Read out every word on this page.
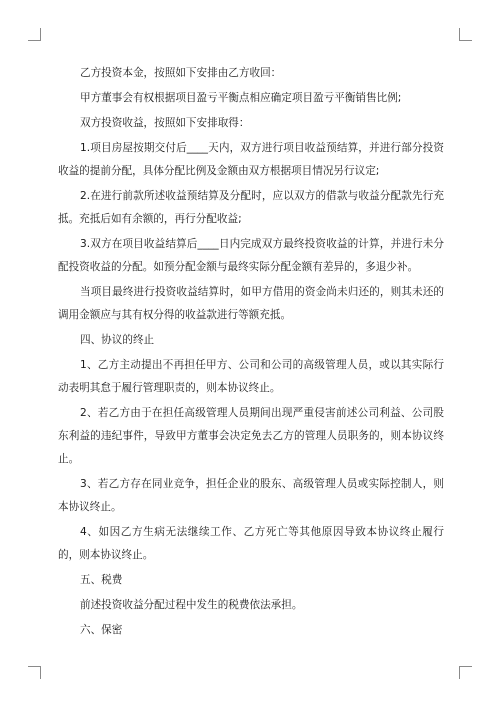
乙方投资本金，按照如下安排由乙方收回：

甲方董事会有权根据项目盈亏平衡点相应确定项目盈亏平衡销售比例;

双方投资收益，按照如下安排取得：

1.项目房屋按期交付后____天内，双方进行项目收益预结算，并进行部分投资收益的提前分配，具体分配比例及金额由双方根据项目情况另行议定;

2.在进行前款所述收益预结算及分配时，应以双方的借款与收益分配款先行充抵。充抵后如有余额的，再行分配收益;

3.双方在项目收益结算后____日内完成双方最终投资收益的计算，并进行未分配投资收益的分配。如预分配金额与最终实际分配金额有差异的，多退少补。

当项目最终进行投资收益结算时，如甲方借用的资金尚未归还的，则其未还的调用金额应与其有权分得的收益款进行等额充抵。

四、协议的终止

1、乙方主动提出不再担任甲方、公司和公司的高级管理人员，或以其实际行动表明其怠于履行管理职责的，则本协议终止。

2、若乙方由于在担任高级管理人员期间出现严重侵害前述公司利益、公司股东利益的违纪事件，导致甲方董事会决定免去乙方的管理人员职务的，则本协议终止。

3、若乙方存在同业竞争，担任企业的股东、高级管理人员或实际控制人，则本协议终止。

4、如因乙方生病无法继续工作、乙方死亡等其他原因导致本协议终止履行的，则本协议终止。

五、税费

前述投资收益分配过程中发生的税费依法承担。

六、保密
